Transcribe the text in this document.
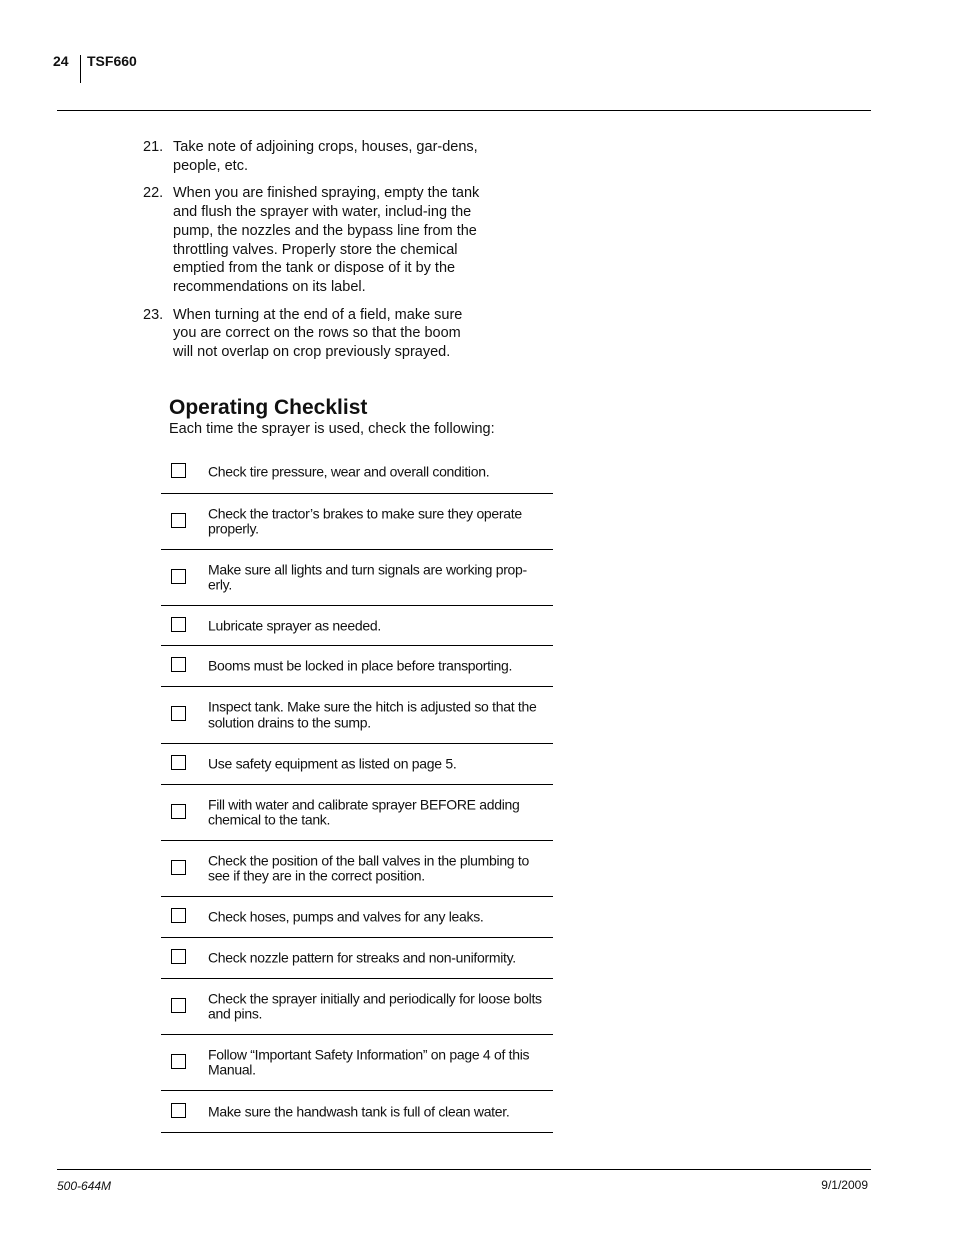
24 TSF660
21. Take note of adjoining crops, houses, gar-dens, people, etc.
22. When you are finished spraying, empty the tank and flush the sprayer with water, includ-ing the pump, the nozzles and the bypass line from the throttling valves. Properly store the chemical emptied from the tank or dispose of it by the recommendations on its label.
23. When turning at the end of a field, make sure you are correct on the rows so that the boom will not overlap on crop previously sprayed.
Operating Checklist
Each time the sprayer is used, check the following:
Check tire pressure, wear and overall condition.
Check the tractor’s brakes to make sure they operate properly.
Make sure all lights and turn signals are working prop-erly.
Lubricate sprayer as needed.
Booms must be locked in place before transporting.
Inspect tank. Make sure the hitch is adjusted so that the solution drains to the sump.
Use safety equipment as listed on page 5.
Fill with water and calibrate sprayer BEFORE adding chemical to the tank.
Check the position of the ball valves in the plumbing to see if they are in the correct position.
Check hoses, pumps and valves for any leaks.
Check nozzle pattern for streaks and non-uniformity.
Check the sprayer initially and periodically for loose bolts and pins.
Follow “Important Safety Information” on page 4 of this Manual.
Make sure the handwash tank is full of clean water.
500-644M	9/1/2009
